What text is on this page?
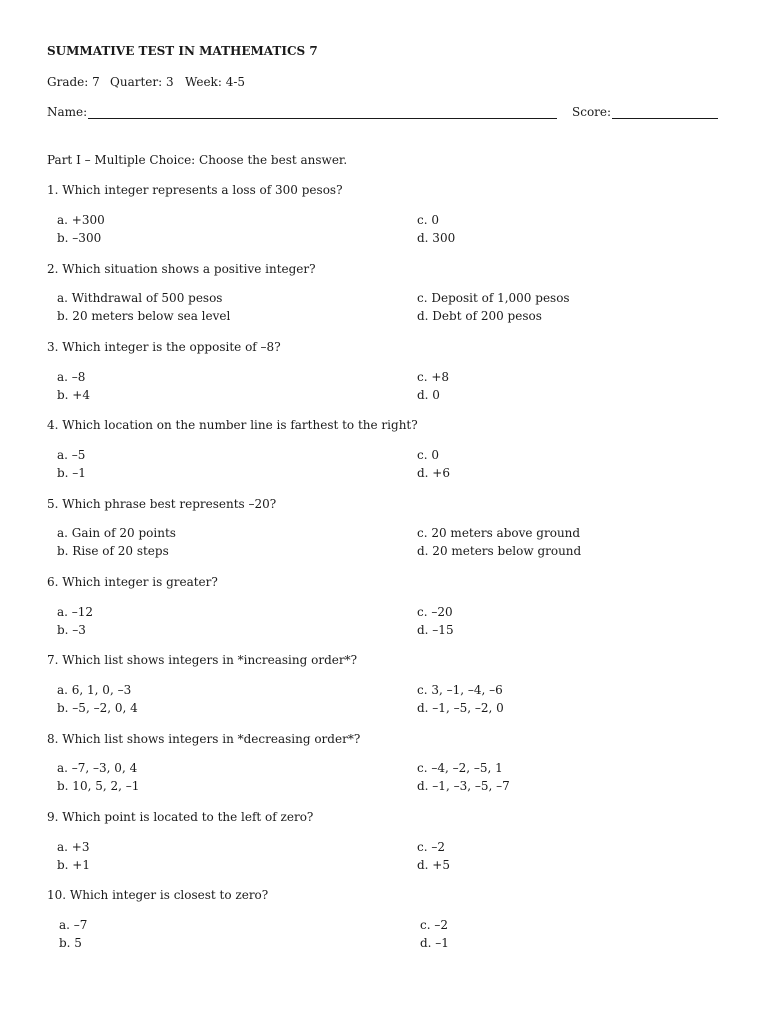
SUMMATIVE TEST IN MATHEMATICS 7
Grade: 7 Quarter: 3 Week: 4-5
Name:	Score:
Part I – Multiple Choice: Choose the best answer.
1. Which integer represents a loss of 300 pesos?
a. +300
b. –300
c. 0
d. 300
2. Which situation shows a positive integer?
a. Withdrawal of 500 pesos
b. 20 meters below sea level
c. Deposit of 1,000 pesos
d. Debt of 200 pesos
3. Which integer is the opposite of –8?
a. –8
b. +4
c. +8
d. 0
4. Which location on the number line is farthest to the right?
a. –5
b. –1
c. 0
d. +6
5. Which phrase best represents –20?
a. Gain of 20 points
b. Rise of 20 steps
c. 20 meters above ground
d. 20 meters below ground
6. Which integer is greater?
a. –12
b. –3
c. –20
d. –15
7. Which list shows integers in *increasing order*?
a. 6, 1, 0, –3
b. –5, –2, 0, 4
c. 3, –1, –4, –6
d. –1, –5, –2, 0
8. Which list shows integers in *decreasing order*?
a. –7, –3, 0, 4
b. 10, 5, 2, –1
c. –4, –2, –5, 1
d. –1, –3, –5, –7
9. Which point is located to the left of zero?
a. +3
b. +1
c. –2
d. +5
10. Which integer is closest to zero?
a. –7
b. 5
c. –2
d. –1
